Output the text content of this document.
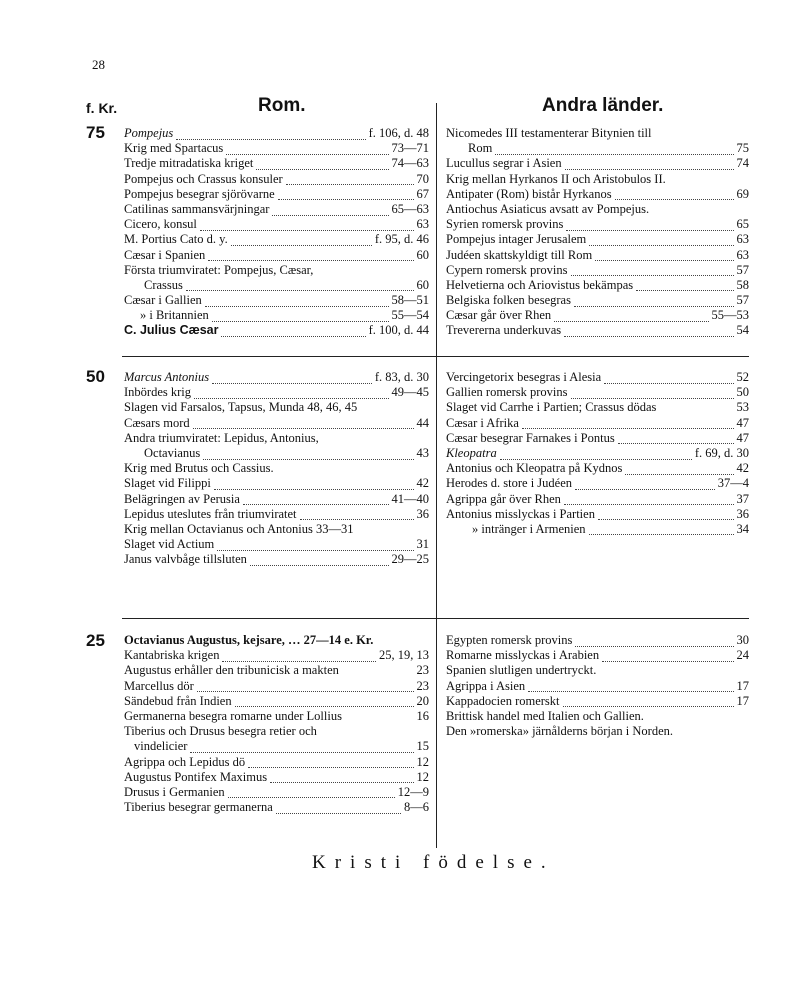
28
f. Kr.	Rom.	Andra länder.
75
50
25
Pompejus	f. 106, d. 48
Krig med Spartacus	73—71
Tredje mitradatiska kriget	74—63
Pompejus och Crassus konsuler	70
Pompejus besegrar sjörövarne	67
Catilinas sammansvärjningar	65—63
Cicero, konsul	63
M. Portius Cato d. y.	f. 95, d. 46
Cæsar i Spanien	60
Första triumviratet: Pompejus, Cæsar,
Crassus	60
Cæsar i Gallien	58—51
» i Britannien	55—54
C. Julius Cæsar	f. 100, d. 44
Nicomedes III testamenterar Bitynien till
Rom	75
Lucullus segrar i Asien	74
Krig mellan Hyrkanos II och Aristobulos II.
Antipater (Rom) bistår Hyrkanos	69
Antiochus Asiaticus avsatt av Pompejus.
Syrien romersk provins	65
Pompejus intager Jerusalem	63
Judéen skattskyldigt till Rom	63
Cypern romersk provins	57
Helvetierna och Ariovistus bekämpas	58
Belgiska folken besegras	57
Cæsar går över Rhen	55—53
Trevererna underkuvas	54
Marcus Antonius	f. 83, d. 30
Inbördes krig	49—45
Slagen vid Farsalos, Tapsus, Munda 48, 46, 45
Cæsars mord	44
Andra triumviratet: Lepidus, Antonius,
Octavianus	43
Krig med Brutus och Cassius.
Slaget vid Filippi	42
Belägringen av Perusia	41—40
Lepidus uteslutes från triumviratet	36
Krig mellan Octavianus och Antonius 33—31
Slaget vid Actium	31
Janus valvbåge tillsluten	29—25
Vercingetorix besegras i Alesia	52
Gallien romersk provins	50
Slaget vid Carrhe i Partien; Crassus dödas	53
Cæsar i Afrika	47
Cæsar besegrar Farnakes i Pontus	47
Kleopatra	f. 69, d. 30
Antonius och Kleopatra på Kydnos	42
Herodes d. store i Judéen	37—4
Agrippa går över Rhen	37
Antonius misslyckas i Partien	36
» intränger i Armenien	34
Octavianus Augustus, kejsare, … 27—14 e. Kr.
Kantabriska krigen	25, 19, 13
Augustus erhåller den tribunicisk a makten	23
Marcellus dör	23
Sändebud från Indien	20
Germanerna besegra romarne under Lollius	16
Tiberius och Drusus besegra retier och
vindelicier	15
Agrippa och Lepidus dö	12
Augustus Pontifex Maximus	12
Drusus i Germanien	12—9
Tiberius besegrar germanerna	8—6
Egypten romersk provins	30
Romarne misslyckas i Arabien	24
Spanien slutligen undertryckt.
Agrippa i Asien	17
Kappadocien romerskt	17
Brittisk handel med Italien och Gallien.
Den »romerska» järnålderns början i Norden.
Kristi födelse.
